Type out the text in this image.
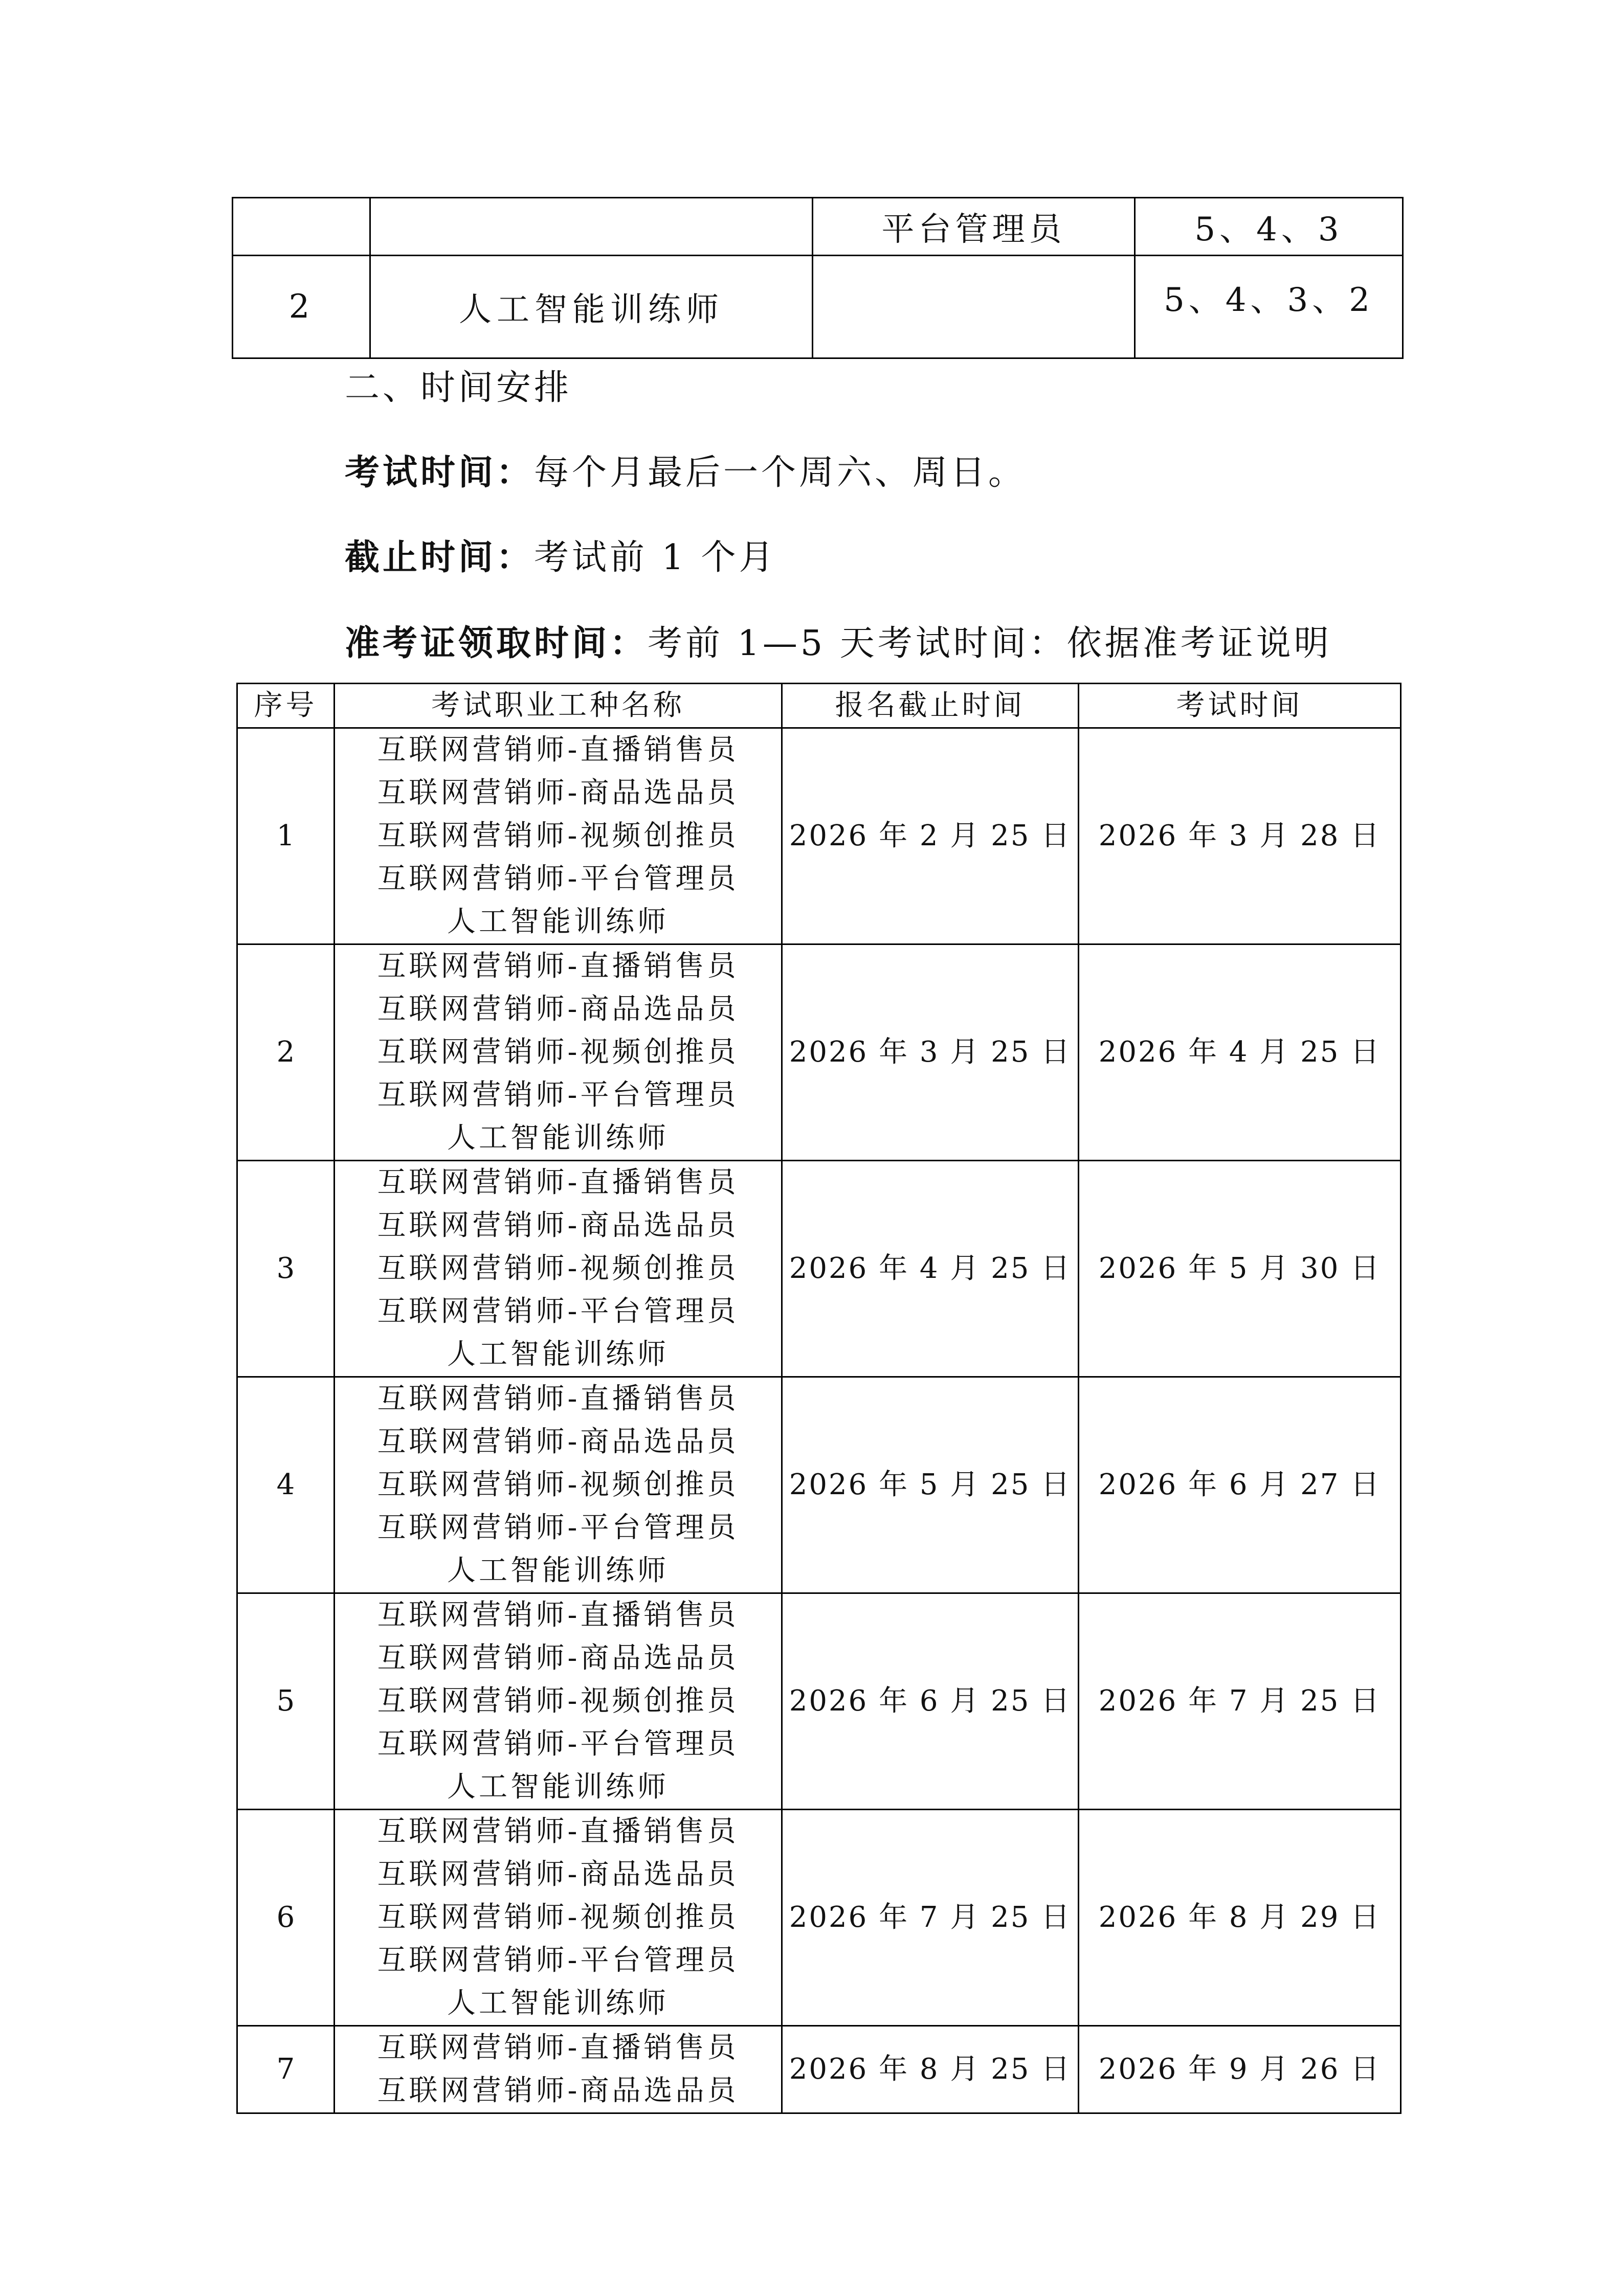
		平台管理员	5、4、3
2	人工智能训练师		5、4、3、2
二、时间安排
考试时间：每个月最后一个周六、周日。
截止时间：考试前 1 个月
准考证领取时间：考前 1—5 天考试时间：依据准考证说明
序号	考试职业工种名称	报名截止时间	考试时间
1	互联网营销师-直播销售员
互联网营销师-商品选品员
互联网营销师-视频创推员
互联网营销师-平台管理员
人工智能训练师	2026 年 2 月 25 日	2026 年 3 月 28 日
2	互联网营销师-直播销售员
互联网营销师-商品选品员
互联网营销师-视频创推员
互联网营销师-平台管理员
人工智能训练师	2026 年 3 月 25 日	2026 年 4 月 25 日
3	互联网营销师-直播销售员
互联网营销师-商品选品员
互联网营销师-视频创推员
互联网营销师-平台管理员
人工智能训练师	2026 年 4 月 25 日	2026 年 5 月 30 日
4	互联网营销师-直播销售员
互联网营销师-商品选品员
互联网营销师-视频创推员
互联网营销师-平台管理员
人工智能训练师	2026 年 5 月 25 日	2026 年 6 月 27 日
5	互联网营销师-直播销售员
互联网营销师-商品选品员
互联网营销师-视频创推员
互联网营销师-平台管理员
人工智能训练师	2026 年 6 月 25 日	2026 年 7 月 25 日
6	互联网营销师-直播销售员
互联网营销师-商品选品员
互联网营销师-视频创推员
互联网营销师-平台管理员
人工智能训练师	2026 年 7 月 25 日	2026 年 8 月 29 日
7	互联网营销师-直播销售员
互联网营销师-商品选品员	2026 年 8 月 25 日	2026 年 9 月 26 日
